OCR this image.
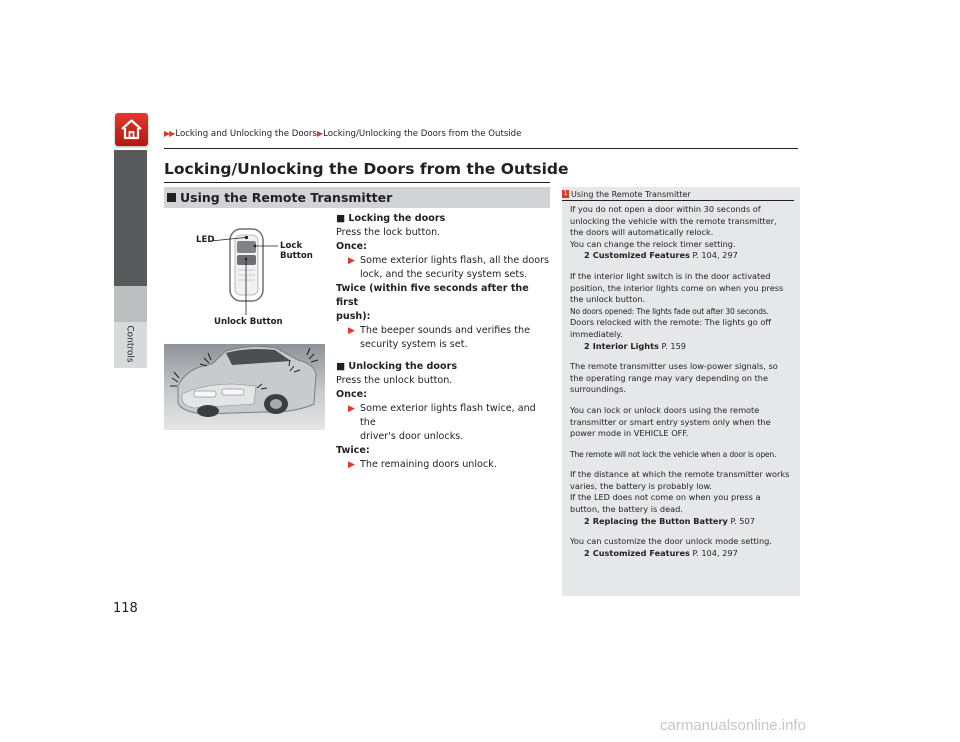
▶▶Locking and Unlocking the Doors▶Locking/Unlocking the Doors from the Outside
Controls
118
Locking/Unlocking the Doors from the Outside
Using the Remote Transmitter
LED
Lock
Button
Unlock Button
■ Locking the doors
Press the lock button.
Once:
▶ Some exterior lights flash, all the doors
lock, and the security system sets.
Twice (within five seconds after the first
push):
▶ The beeper sounds and verifies the
security system is set.
■ Unlocking the doors
Press the unlock button.
Once:
▶ Some exterior lights flash twice, and the
driver's door unlocks.
Twice:
▶ The remaining doors unlock.
1 Using the Remote Transmitter
If you do not open a door within 30 seconds of
unlocking the vehicle with the remote transmitter,
the doors will automatically relock.
You can change the relock timer setting.
2 Customized Features P. 104, 297
If the interior light switch is in the door activated
position, the interior lights come on when you press
the unlock button.
No doors opened: The lights fade out after 30 seconds.
Doors relocked with the remote: The lights go off
immediately.
2 Interior Lights P. 159
The remote transmitter uses low-power signals, so
the operating range may vary depending on the
surroundings.
You can lock or unlock doors using the remote
transmitter or smart entry system only when the
power mode in VEHICLE OFF.
The remote will not lock the vehicle when a door is open.
If the distance at which the remote transmitter works
varies, the battery is probably low.
If the LED does not come on when you press a
button, the battery is dead.
2 Replacing the Button Battery P. 507
You can customize the door unlock mode setting.
2 Customized Features P. 104, 297
carmanualsonline.info
